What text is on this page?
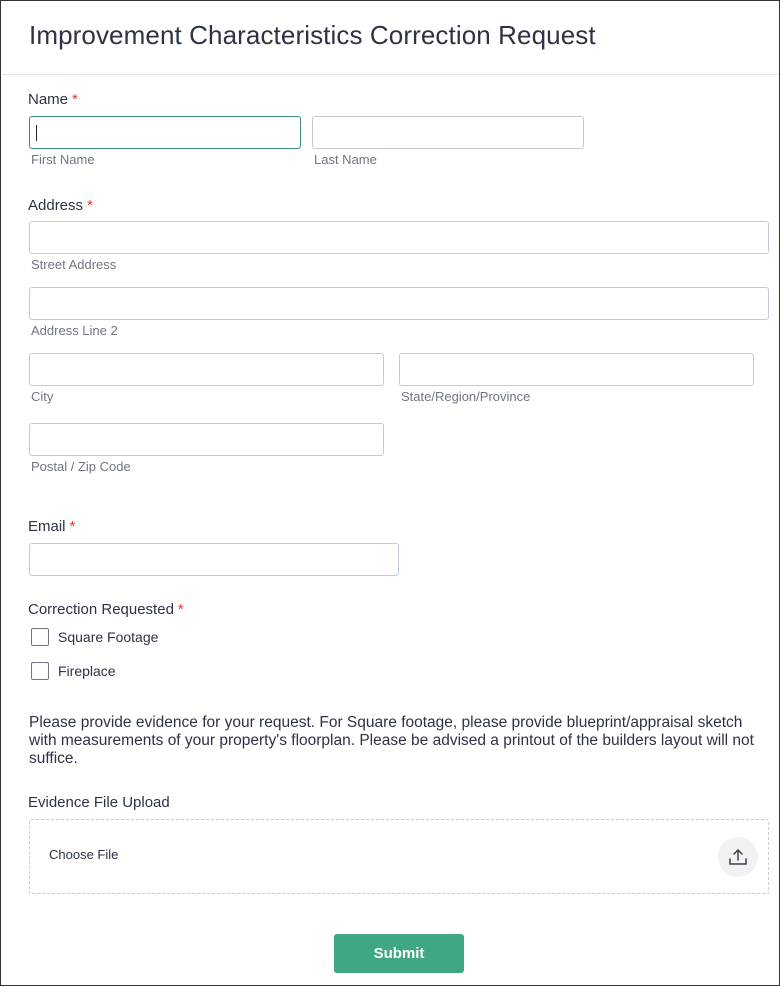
Improvement Characteristics Correction Request
Name *
First Name	Last Name
Address *
Street Address
Address Line 2
City	State/Region/Province
Postal / Zip Code
Email *
Correction Requested *
Square Footage
Fireplace

Please provide evidence for your request. For Square footage, please provide blueprint/appraisal sketch with measurements of your property's floorplan. Please be advised a printout of the builders layout will not suffice.

Evidence File Upload
Choose File
Submit
